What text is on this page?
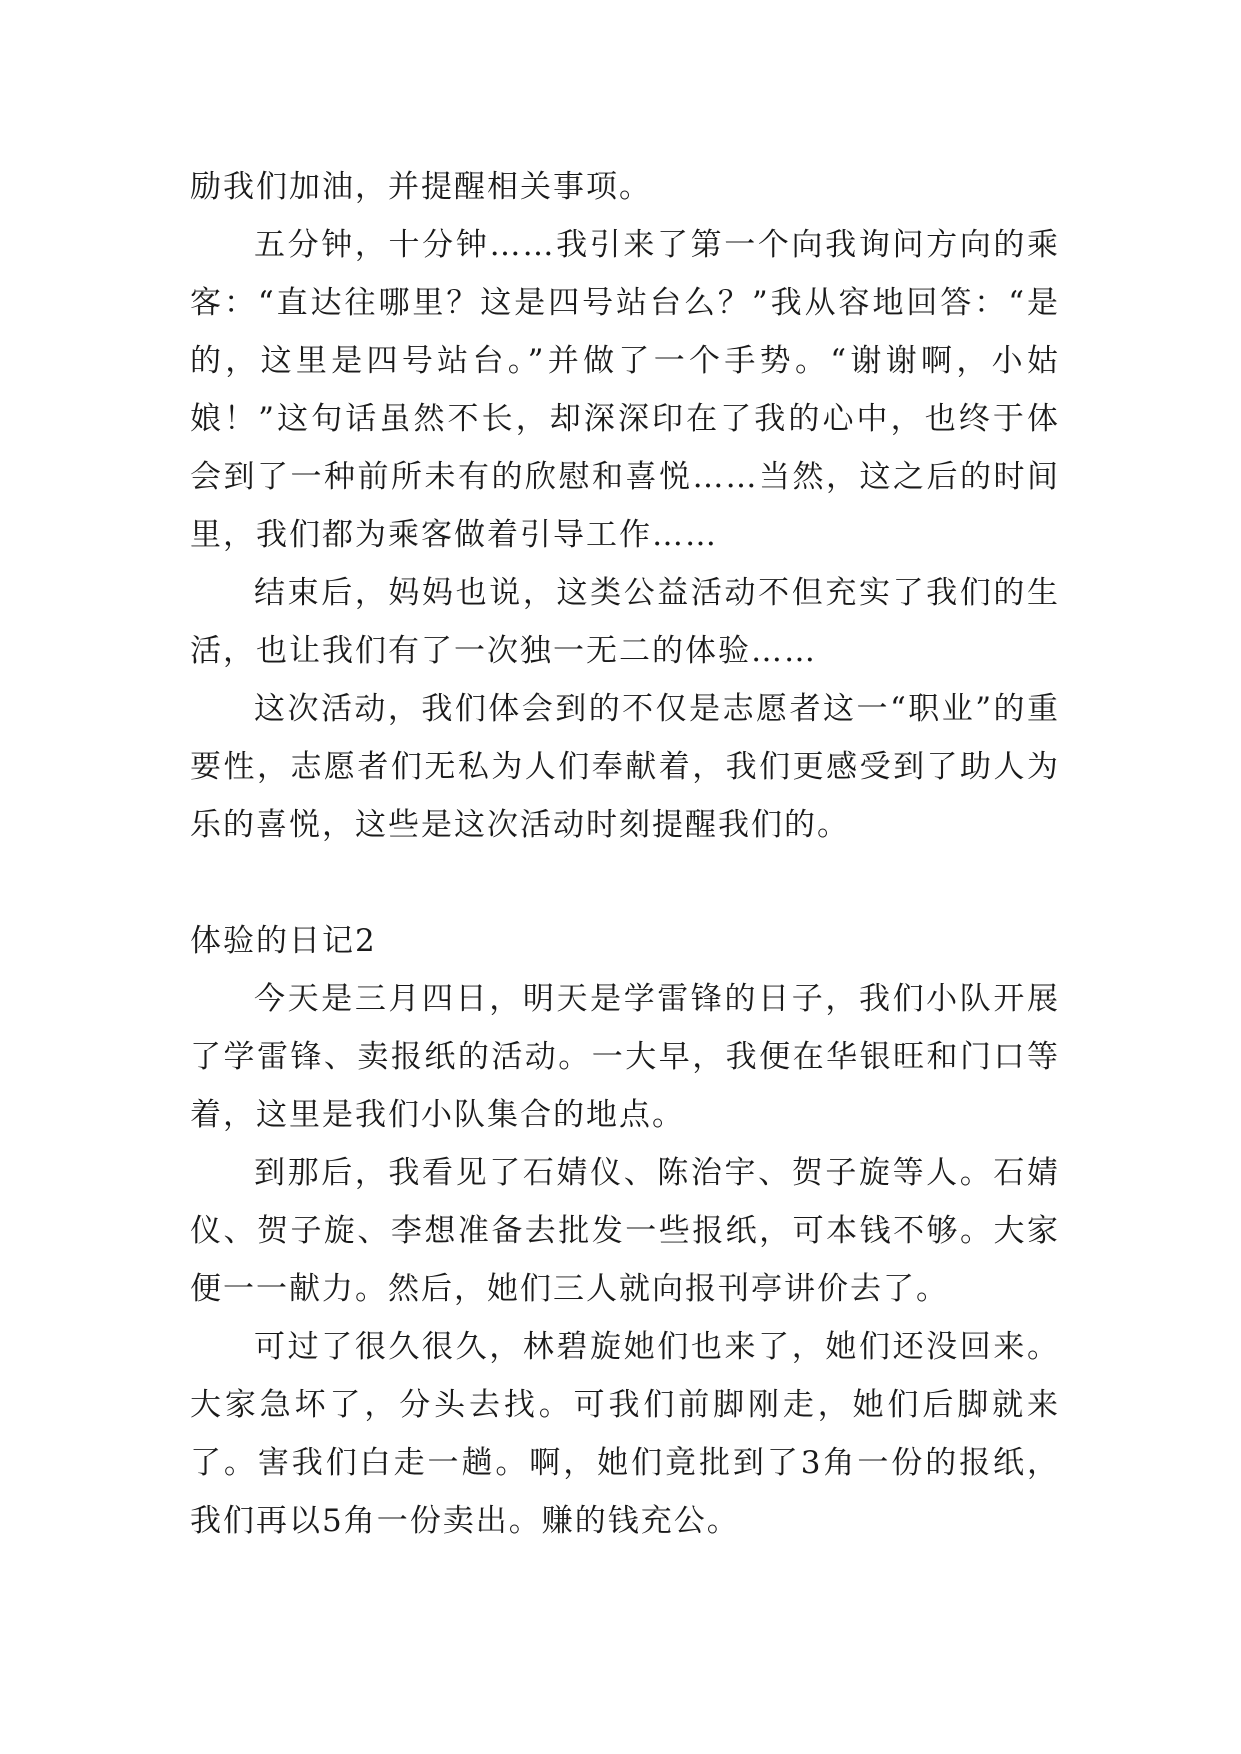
励我们加油，并提醒相关事项。

五分钟，十分钟……我引来了第一个向我询问方向的乘客：“直达往哪里？这是四号站台么？”我从容地回答：“是的，这里是四号站台。”并做了一个手势。“谢谢啊，小姑娘！”这句话虽然不长，却深深印在了我的心中，也终于体会到了一种前所未有的欣慰和喜悦……当然，这之后的时间里，我们都为乘客做着引导工作……

结束后，妈妈也说，这类公益活动不但充实了我们的生活，也让我们有了一次独一无二的体验……

这次活动，我们体会到的不仅是志愿者这一“职业”的重要性，志愿者们无私为人们奉献着，我们更感受到了助人为乐的喜悦，这些是这次活动时刻提醒我们的。

体验的日记2

今天是三月四日，明天是学雷锋的日子，我们小队开展了学雷锋、卖报纸的活动。一大早，我便在华银旺和门口等着，这里是我们小队集合的地点。

到那后，我看见了石婧仪、陈治宇、贺子旋等人。石婧仪、贺子旋、李想准备去批发一些报纸，可本钱不够。大家便一一献力。然后，她们三人就向报刊亭讲价去了。

可过了很久很久，林碧旋她们也来了，她们还没回来。大家急坏了，分头去找。可我们前脚刚走，她们后脚就来了。害我们白走一趟。啊，她们竟批到了3角一份的报纸，我们再以5角一份卖出。赚的钱充公。
